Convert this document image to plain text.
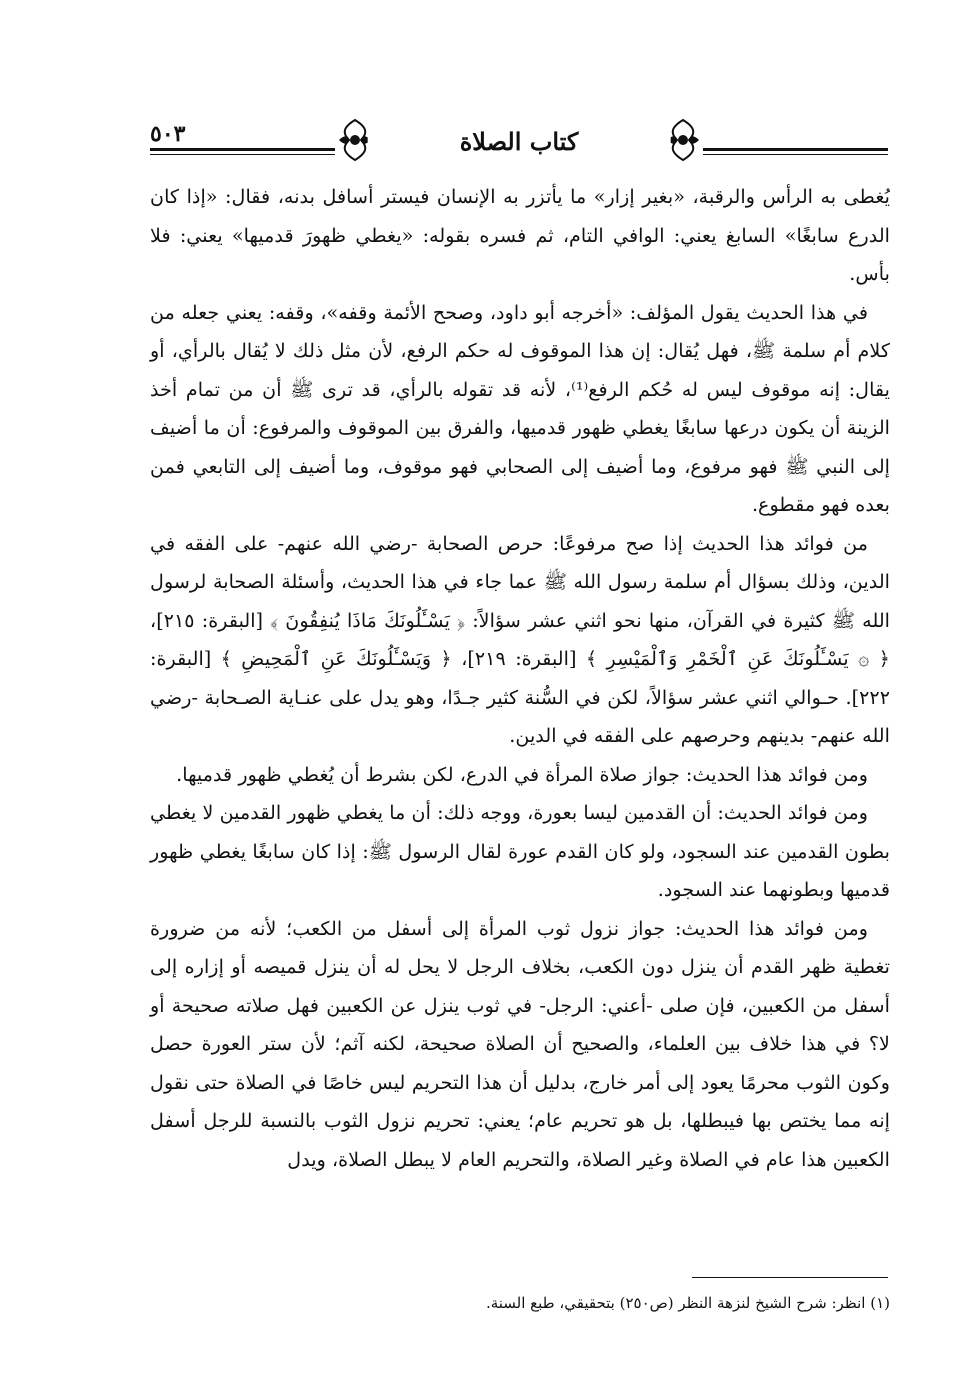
كتاب الصلاة
٥٠٣

يُغطى به الرأس والرقبة، «بغير إزار» ما يأتزر به الإنسان فيستر أسافل بدنه، فقال: «إذا كان الدرع سابغًا» السابغ يعني: الوافي التام، ثم فسره بقوله: «يغطي ظهورَ قدميها» يعني: فلا بأس.

في هذا الحديث يقول المؤلف: «أخرجه أبو داود، وصحح الأئمة وقفه»، وقفه: يعني جعله من كلام أم سلمة ﷺ، فهل يُقال: إن هذا الموقوف له حكم الرفع، لأن مثل ذلك لا يُقال بالرأي، أو يقال: إنه موقوف ليس له حُكم الرفع⁽¹⁾، لأنه قد تقوله بالرأي، قد ترى ﷺ أن من تمام أخذ الزينة أن يكون درعها سابغًا يغطي ظهور قدميها، والفرق بين الموقوف والمرفوع: أن ما أضيف إلى النبي ﷺ فهو مرفوع، وما أضيف إلى الصحابي فهو موقوف، وما أضيف إلى التابعي فمن بعده فهو مقطوع.

من فوائد هذا الحديث إذا صح مرفوعًا: حرص الصحابة -رضي الله عنهم- على الفقه في الدين، وذلك بسؤال أم سلمة رسول الله ﷺ عما جاء في هذا الحديث، وأسئلة الصحابة لرسول الله ﷺ كثيرة في القرآن، منها نحو اثني عشر سؤالاً: ﴿ يَسْـَٔلُونَكَ مَاذَا يُنفِقُونَ ﴾ [البقرة: ٢١٥]، ﴿ ۞ يَسْـَٔلُونَكَ عَنِ ٱلْخَمْرِ وَٱلْمَيْسِرِ ﴾ [البقرة: ٢١٩]، ﴿ وَيَسْـَٔلُونَكَ عَنِ ٱلْمَحِيضِ ﴾ [البقرة: ٢٢٢]. حـوالي اثني عشر سؤالاً، لكن في السُّنة كثير جـدًا، وهو يدل على عنـاية الصـحابة -رضي الله عنهم- بدينهم وحرصهم على الفقه في الدين.

ومن فوائد هذا الحديث: جواز صلاة المرأة في الدرع، لكن بشرط أن يُغطي ظهور قدميها.

ومن فوائد الحديث: أن القدمين ليسا بعورة، ووجه ذلك: أن ما يغطي ظهور القدمين لا يغطي بطون القدمين عند السجود، ولو كان القدم عورة لقال الرسول ﷺ: إذا كان سابغًا يغطي ظهور قدميها وبطونهما عند السجود.

ومن فوائد هذا الحديث: جواز نزول ثوب المرأة إلى أسفل من الكعب؛ لأنه من ضرورة تغطية ظهر القدم أن ينزل دون الكعب، بخلاف الرجل لا يحل له أن ينزل قميصه أو إزاره إلى أسفل من الكعبين، فإن صلى -أعني: الرجل- في ثوب ينزل عن الكعبين فهل صلاته صحيحة أو لا؟ في هذا خلاف بين العلماء، والصحيح أن الصلاة صحيحة، لكنه آثم؛ لأن ستر العورة حصل وكون الثوب محرمًا يعود إلى أمر خارج، بدليل أن هذا التحريم ليس خاصًا في الصلاة حتى نقول إنه مما يختص بها فيبطلها، بل هو تحريم عام؛ يعني: تحريم نزول الثوب بالنسبة للرجل أسفل الكعبين هذا عام في الصلاة وغير الصلاة، والتحريم العام لا يبطل الصلاة، ويدل

(١) انظر: شرح الشيخ لنزهة النظر (ص٢٥٠) بتحقيقي، طبع السنة.
